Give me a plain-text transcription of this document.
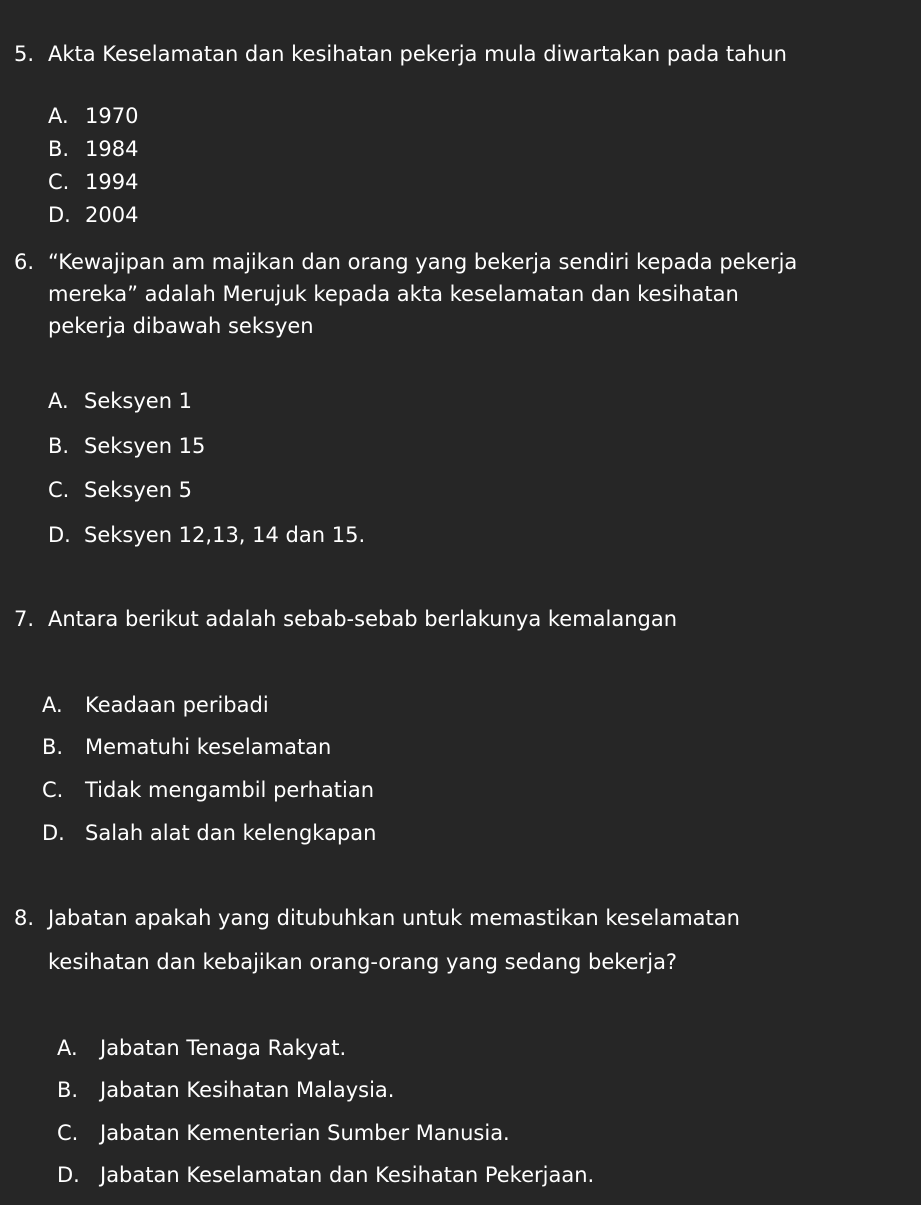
5. Akta Keselamatan dan kesihatan pekerja mula diwartakan pada tahun
A. 1970
B. 1984
C. 1994
D. 2004
6. “Kewajipan am majikan dan orang yang bekerja sendiri kepada pekerja
mereka” adalah Merujuk kepada akta keselamatan dan kesihatan
pekerja dibawah seksyen
A. Seksyen 1
B. Seksyen 15
C. Seksyen 5
D. Seksyen 12,13, 14 dan 15.
7. Antara berikut adalah sebab-sebab berlakunya kemalangan
A. Keadaan peribadi
B. Mematuhi keselamatan
C. Tidak mengambil perhatian
D. Salah alat dan kelengkapan
8. Jabatan apakah yang ditubuhkan untuk memastikan keselamatan
kesihatan dan kebajikan orang-orang yang sedang bekerja?
A. Jabatan Tenaga Rakyat.
B. Jabatan Kesihatan Malaysia.
C. Jabatan Kementerian Sumber Manusia.
D. Jabatan Keselamatan dan Kesihatan Pekerjaan.
